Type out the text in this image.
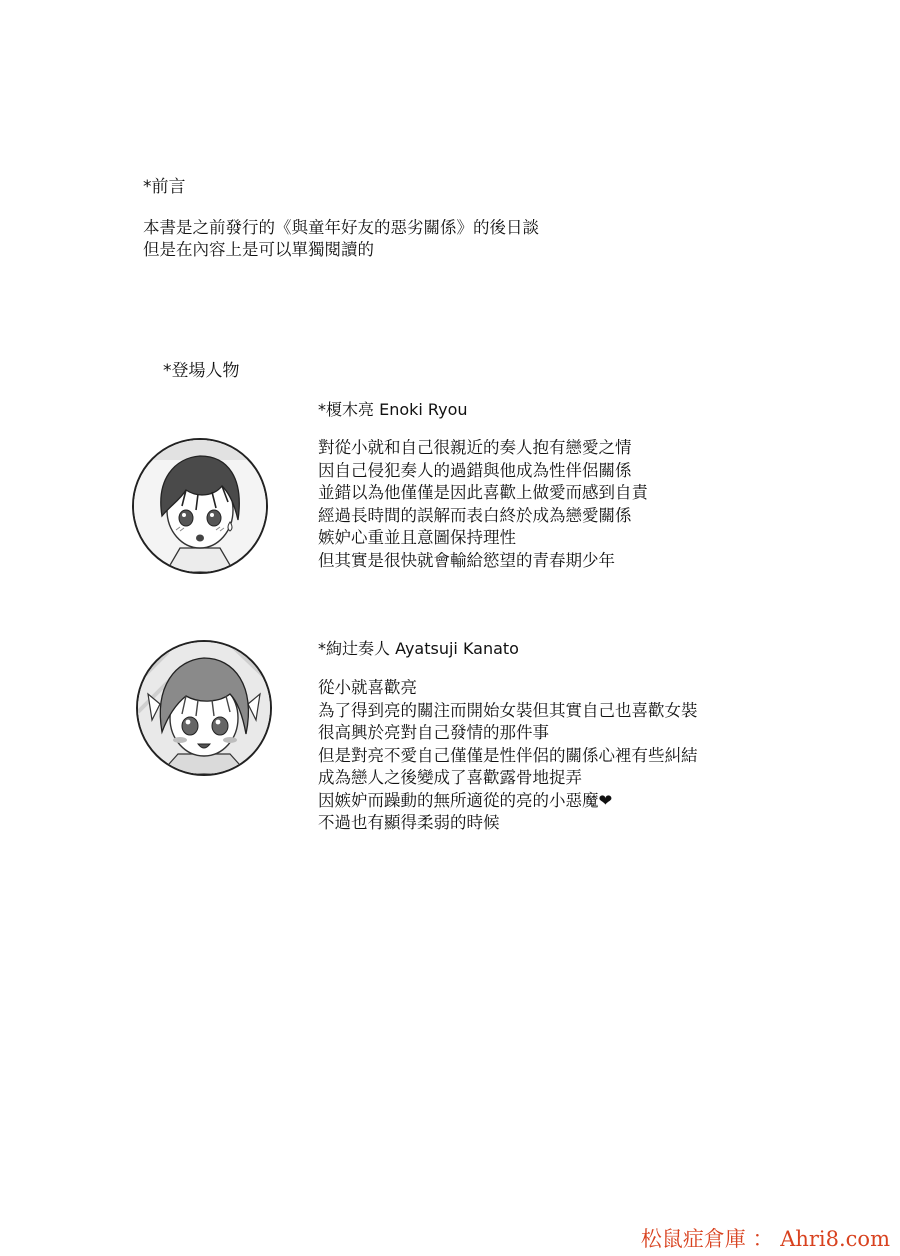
*前言
本書是之前發行的《與童年好友的惡劣關係》的後日談
但是在內容上是可以單獨閱讀的
*登場人物
*榎木亮 Enoki Ryou
對從小就和自己很親近的奏人抱有戀愛之情
因自己侵犯奏人的過錯與他成為性伴侶關係
並錯以為他僅僅是因此喜歡上做愛而感到自責
經過長時間的誤解而表白終於成為戀愛關係
嫉妒心重並且意圖保持理性
但其實是很快就會輸給慾望的青春期少年
*絢辻奏人 Ayatsuji Kanato
從小就喜歡亮
為了得到亮的關注而開始女裝但其實自己也喜歡女裝
很高興於亮對自己發情的那件事
但是對亮不愛自己僅僅是性伴侶的關係心裡有些糾結
成為戀人之後變成了喜歡露骨地捉弄
因嫉妒而躁動的無所適從的亮的小惡魔❤
不過也有顯得柔弱的時候
松鼠症倉庫 ： Ahri8.com
